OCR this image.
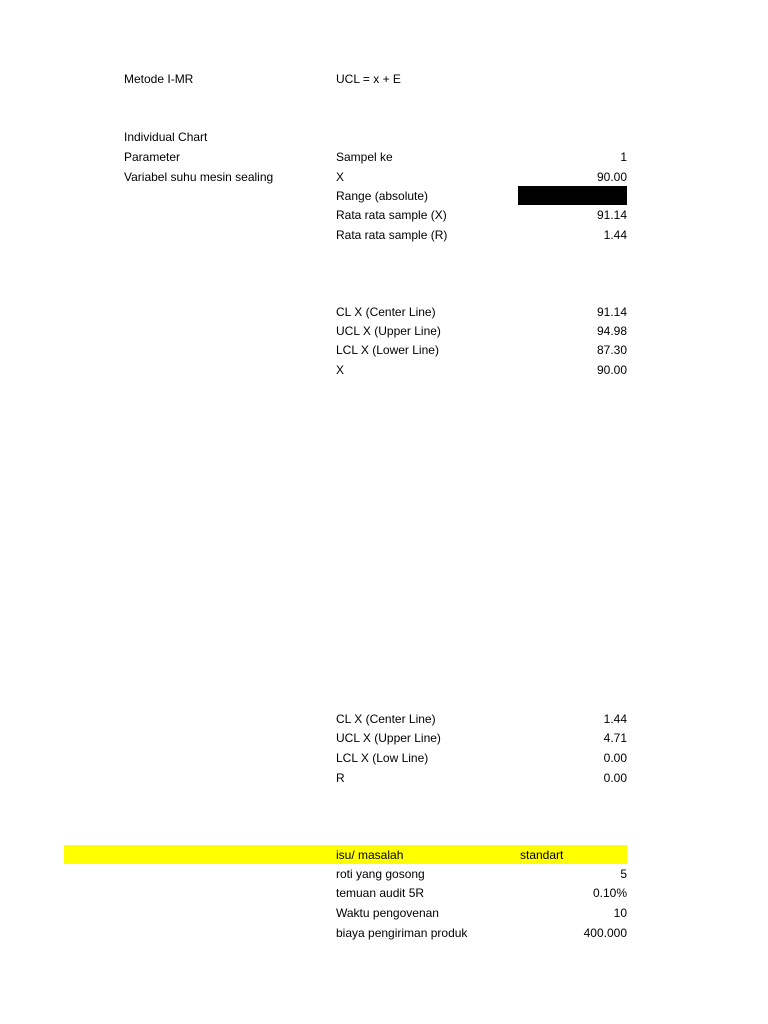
Metode I-MR	UCL = x + E
Individual Chart
Parameter
Variabel suhu mesin sealing
Sampel ke	1
X	90.00
Range (absolute)
Rata rata sample (X)	91.14
Rata rata sample (R)	1.44
CL X (Center Line)	91.14
UCL X (Upper Line)	94.98
LCL X (Lower Line)	87.30
X	90.00
CL X (Center Line)	1.44
UCL X (Upper Line)	4.71
LCL X (Low Line)	0.00
R	0.00
isu/ masalah	standart
roti yang gosong	5
temuan audit 5R	0.10%
Waktu pengovenan	10
biaya pengiriman produk	400.000
